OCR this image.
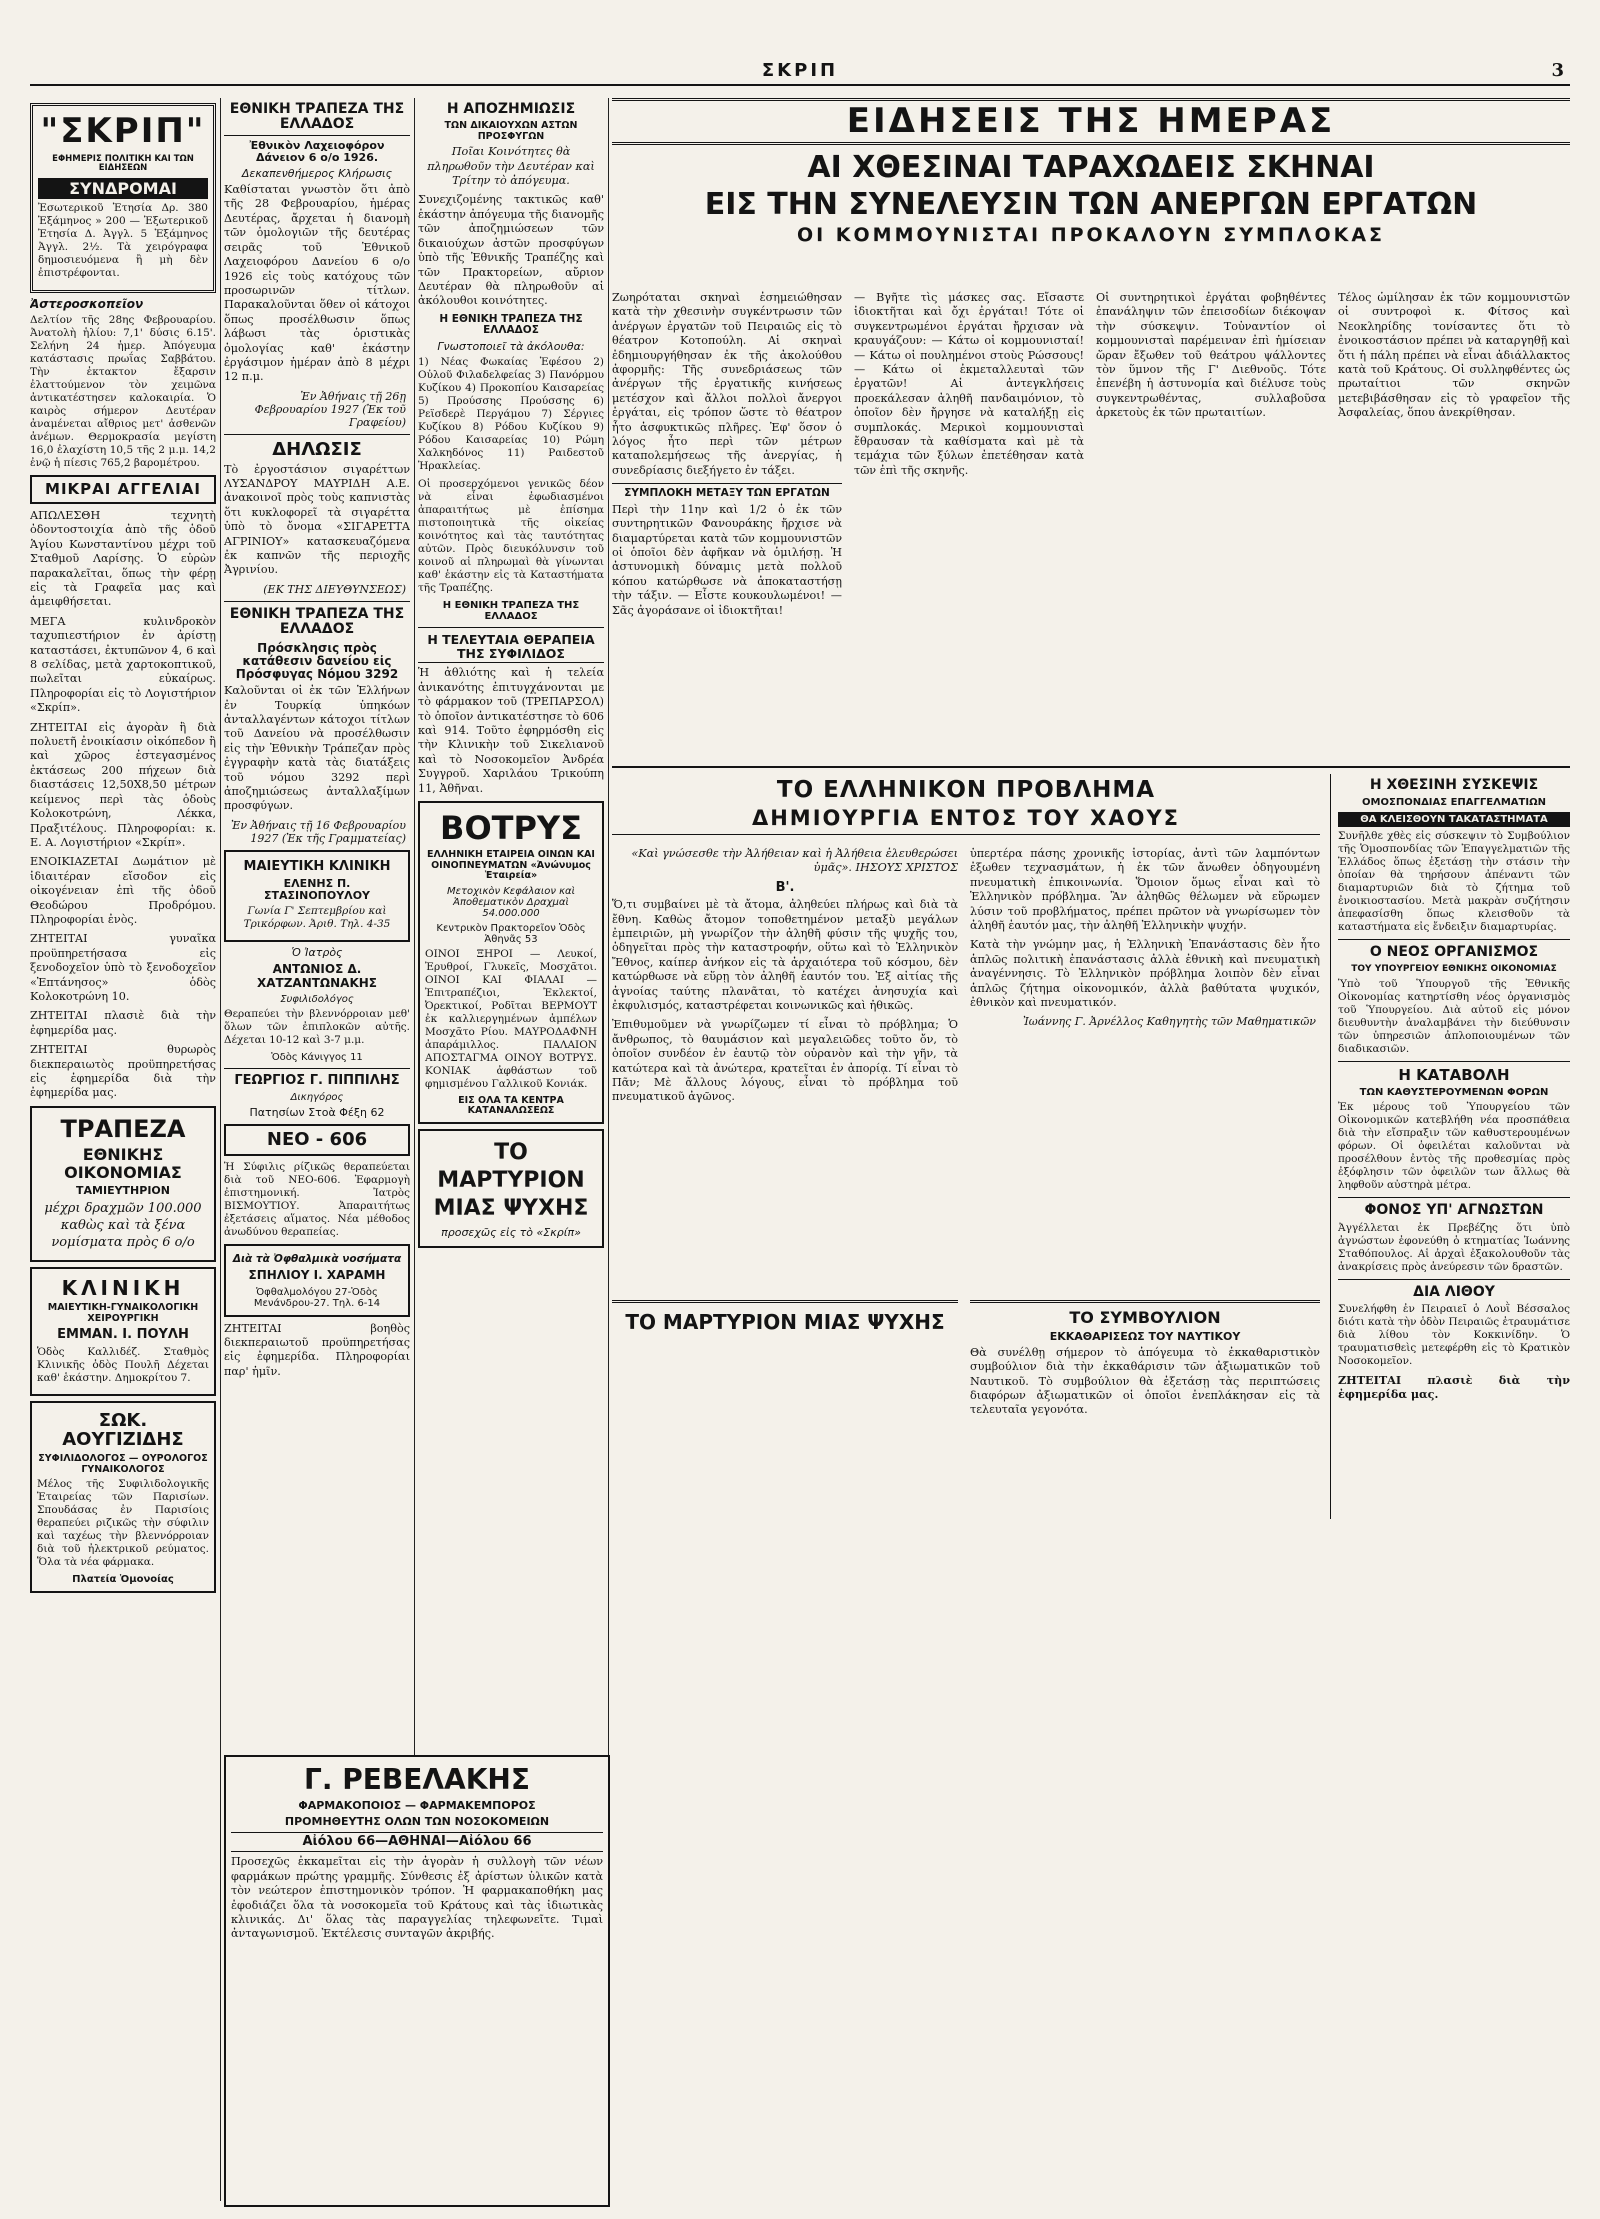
ΣΚΡΙΠ	3
"ΣΚΡΙΠ"
ΕΦΗΜΕΡΙΣ ΠΟΛΙΤΙΚΗ ΚΑΙ ΤΩΝ ΕΙΔΗΣΕΩΝ
ΣΥΝΔΡΟΜΑΙ
Ἐσωτερικοῦ Ἐτησία Δρ. 380 Ἑξάμηνος » 200 — Ἐξωτερικοῦ Ἐτησία Δ. Ἀγγλ. 5 Ἑξάμηνος Ἀγγλ. 2½. Τὰ χειρόγραφα δημοσιευόμενα ἢ μὴ δὲν ἐπιστρέφονται.
Ἀστεροσκοπεῖον
Δελτίον τῆς 28ης Φεβρουαρίου. Ἀνατολὴ ἡλίου: 7,1' δύσις 6.15'. Σελήνη 24 ἡμερ. Ἀπόγευμα κατάστασις πρωΐας Σαββάτου. Τὴν ἐκτακτον ἔξαρσιν ἐλαττούμενον τὸν χειμῶνα ἀντικατέστησεν καλοκαιρία. Ὁ καιρὸς σήμερον Δευτέραν ἀναμένεται αἴθριος μετ' ἀσθενῶν ἀνέμων. Θερμοκρασία μεγίστη 16,0 ἐλαχίστη 10,5 τῆς 2 μ.μ. 14,2 ἐνῷ ἡ πίεσις 765,2 βαρομέτρου.
ΜΙΚΡΑΙ ΑΓΓΕΛΙΑΙ
ΑΠΩΛΕΣΘΗ τεχνητὴ ὀδοντοστοιχία ἀπὸ τῆς ὁδοῦ Ἁγίου Κωνσταντίνου μέχρι τοῦ Σταθμοῦ Λαρίσης. Ὁ εὑρὼν παρακαλεῖται, ὅπως τὴν φέρῃ εἰς τὰ Γραφεῖα μας καὶ ἀμειφθήσεται.
ΜΕΓΑ κυλινδροκὸν ταχυπιεστήριον ἐν ἀρίστῃ καταστάσει, ἐκτυπῶνον 4, 6 καὶ 8 σελίδας, μετὰ χαρτοκοπτικοῦ, πωλεῖται εὐκαίρως. Πληροφορίαι εἰς τὸ Λογιστήριον «Σκρίπ».
ΖΗΤΕΙΤΑΙ εἰς ἀγορὰν ἢ διὰ πολυετῆ ἐνοικίασιν οἰκόπεδον ἢ καὶ χῶρος ἐστεγασμένος ἐκτάσεως 200 πήχεων διὰ διαστάσεις 12,50Χ8,50 μέτρων κείμενος περὶ τὰς ὁδοὺς Κολοκοτρώνη, Λέκκα, Πραξιτέλους. Πληροφορίαι: κ. Ε. Α. Λογιστήριον «Σκρίπ».
ΕΝΟΙΚΙΑΖΕΤΑΙ Δωμάτιον μὲ ἰδιαιτέραν εἴσοδον εἰς οἰκογένειαν ἐπὶ τῆς ὁδοῦ Θεοδώρου Προδρόμου. Πληροφορίαι ἐνὸς.
ΖΗΤΕΙΤΑΙ γυναῖκα προϋπηρετήσασα εἰς ξενοδοχεῖον ὑπὸ τὸ ξενοδοχεῖον «Ἐπτάνησος» ὁδὸς Κολοκοτρώνη 10.
ΖΗΤΕΙΤΑΙ πλασιὲ διὰ τὴν ἐφημερίδα μας.
ΖΗΤΕΙΤΑΙ θυρωρὸς διεκπεραιωτὸς προϋπηρετήσας εἰς ἐφημερίδα διὰ τὴν ἐφημερίδα μας.
ΤΡΑΠΕΖΑ
ΕΘΝΙΚΗΣ ΟΙΚΟΝΟΜΙΑΣ
ΤΑΜΙΕΥΤΗΡΙΟΝ
μέχρι δραχμῶν 100.000 καθὼς καὶ τὰ ξένα νομίσματα πρὸς 6 ο/ο
ΚΛΙΝΙΚΗ
ΜΑΙΕΥΤΙΚΗ-ΓΥΝΑΙΚΟΛΟΓΙΚΗ ΧΕΙΡΟΥΡΓΙΚΗ
ΕΜΜΑΝ. Ι. ΠΟΥΛΗ
Ὁδὸς Καλλιδέζ. Σταθμὸς Κλινικῆς ὁδὸς Πουλῆ Δέχεται καθ' ἑκάστην. Δημοκρίτου 7.
ΣΩΚ. ΑΟΥΓΙΖΙΔΗΣ
ΣΥΦΙΛΙΔΟΛΟΓΟΣ — ΟΥΡΟΛΟΓΟΣ ΓΥΝΑΙΚΟΛΟΓΟΣ
Μέλος τῆς Συφιλιδολογικῆς Ἑταιρείας τῶν Παρισίων. Σπουδάσας ἐν Παρισίοις θεραπεύει ριζικῶς τὴν σύφιλιν καὶ ταχέως τὴν βλεννόρροιαν διὰ τοῦ ἠλεκτρικοῦ ρεύματος. Ὅλα τὰ νέα φάρμακα.
Πλατεία Ὁμονοίας
ΕΘΝΙΚΗ ΤΡΑΠΕΖΑ ΤΗΣ ΕΛΛΑΔΟΣ
Ἐθνικὸν Λαχειοφόρον Δάνειον 6 ο/ο 1926.
Δεκαπενθήμερος Κλήρωσις
Καθίσταται γνωστὸν ὅτι ἀπὸ τῆς 28 Φεβρουαρίου, ἡμέρας Δευτέρας, ἄρχεται ἡ διανομὴ τῶν ὁμολογιῶν τῆς δευτέρας σειρᾶς τοῦ Ἐθνικοῦ Λαχειοφόρου Δανείου 6 ο/ο 1926 εἰς τοὺς κατόχους τῶν προσωρινῶν τίτλων. Παρακαλοῦνται ὅθεν οἱ κάτοχοι ὅπως προσέλθωσιν ὅπως λάβωσι τὰς ὁριστικὰς ὁμολογίας καθ' ἑκάστην ἐργάσιμον ἡμέραν ἀπὸ 8 μέχρι 12 π.μ.
Ἐν Ἀθήναις τῇ 26ῃ Φεβρουαρίου 1927 (Ἐκ τοῦ Γραφείου)
ΔΗΛΩΣΙΣ
Τὸ ἐργοστάσιον σιγαρέττων ΛΥΣΑΝΔΡΟΥ ΜΑΥΡΙΔΗ Α.Ε. ἀνακοινοῖ πρὸς τοὺς καπνιστὰς ὅτι κυκλοφορεῖ τὰ σιγαρέττα ὑπὸ τὸ ὄνομα «ΣΙΓΑΡΕΤΤΑ ΑΓΡΙΝΙΟΥ» κατασκευαζόμενα ἐκ καπνῶν τῆς περιοχῆς Ἀγρινίου.
(ΕΚ ΤΗΣ ΔΙΕΥΘΥΝΣΕΩΣ)
ΕΘΝΙΚΗ ΤΡΑΠΕΖΑ ΤΗΣ ΕΛΛΑΔΟΣ
Πρόσκλησις πρὸς κατάθεσιν δανείου εἰς Πρόσφυγας Νόμου 3292
Καλοῦνται οἱ ἐκ τῶν Ἑλλήνων ἐν Τουρκίᾳ ὑπηκόων ἀνταλλαγέντων κάτοχοι τίτλων τοῦ Δανείου νὰ προσέλθωσιν εἰς τὴν Ἐθνικὴν Τράπεζαν πρὸς ἐγγραφὴν κατὰ τὰς διατάξεις τοῦ νόμου 3292 περὶ ἀποζημιώσεως ἀνταλλαξίμων προσφύγων.
Ἐν Ἀθήναις τῇ 16 Φεβρουαρίου 1927 (Ἐκ τῆς Γραμματείας)
ΜΑΙΕΥΤΙΚΗ ΚΛΙΝΙΚΗ
ΕΛΕΝΗΣ Π. ΣΤΑΣΙΝΟΠΟΥΛΟΥ
Γωνία Γ' Σεπτεμβρίου καὶ Τρικόρφων. Ἀριθ. Τηλ. 4-35
Ὁ Ἰατρὸς
ΑΝΤΩΝΙΟΣ Δ. ΧΑΤΖΑΝΤΩΝΑΚΗΣ
Συφιλιδολόγος
Θεραπεύει τὴν βλεννόρροιαν μεθ' ὅλων τῶν ἐπιπλοκῶν αὐτῆς. Δέχεται 10-12 καὶ 3-7 μ.μ.
Ὁδὸς Κάνιγγος 11
ΓΕΩΡΓΙΟΣ Γ. ΠΙΠΠΙΛΗΣ
Δικηγόρος
Πατησίων Στοὰ Φέξη 62
ΝΕΟ - 606
Ἡ Σύφιλις ρίζικῶς θεραπεύεται διὰ τοῦ ΝΕΟ-606. Ἐφαρμογὴ ἐπιστημονική. Ἰατρὸς ΒΙΣΜΟΥΤΙΟΥ. Ἀπαραιτήτως ἐξετάσεις αἵματος. Νέα μέθοδος ἀνωδύνου θεραπείας.
Διὰ τὰ Ὀφθαλμικὰ νοσήματα
ΣΠΗΛΙΟΥ Ι. ΧΑΡΑΜΗ
Ὀφθαλμολόγου 27-Ὁδὸς Μενάνδρου-27. Τηλ. 6-14
ΖΗΤΕΙΤΑΙ βοηθὸς διεκπεραιωτοῦ προϋπηρετήσας εἰς ἐφημερίδα. Πληροφορίαι παρ' ἡμῖν.
Η ΑΠΟΖΗΜΙΩΣΙΣ
ΤΩΝ ΔΙΚΑΙΟΥΧΩΝ ΑΣΤΩΝ ΠΡΟΣΦΥΓΩΝ
Ποῖαι Κοινότητες θὰ πληρωθοῦν τὴν Δευτέραν καὶ Τρίτην τὸ ἀπόγευμα.
Συνεχιζομένης τακτικῶς καθ' ἑκάστην ἀπόγευμα τῆς διανομῆς τῶν ἀποζημιώσεων τῶν δικαιούχων ἀστῶν προσφύγων ὑπὸ τῆς Ἐθνικῆς Τραπέζης καὶ τῶν Πρακτορείων, αὔριον Δευτέραν θὰ πληρωθοῦν αἱ ἀκόλουθοι κοινότητες.
Η ΕΘΝΙΚΗ ΤΡΑΠΕΖΑ ΤΗΣ ΕΛΛΑΔΟΣ
Γνωστοποιεῖ τὰ ἀκόλουθα:
1) Νέας Φωκαίας Ἐφέσου 2) Οὐλοῦ Φιλαδελφείας 3) Πανόρμου Κυζίκου 4) Προκοπίου Καισαρείας 5) Προύσσης Προύσσης 6) Ρεϊσδερὲ Περγάμου 7) Σέργιες Κυζίκου 8) Ρόδου Κυζίκου 9) Ρόδου Καισαρείας 10) Ρώμη Χαλκηδόνος 11) Ραιδεστοῦ Ἡρακλείας.
Οἱ προσερχόμενοι γενικῶς δέον νὰ εἶναι ἐφωδιασμένοι ἀπαραιτήτως μὲ ἐπίσημα πιστοποιητικὰ τῆς οἰκείας κοινότητος καὶ τὰς ταυτότητας αὐτῶν. Πρὸς διευκόλυνσιν τοῦ κοινοῦ αἱ πληρωμαὶ θὰ γίνωνται καθ' ἑκάστην εἰς τὰ Καταστήματα τῆς Τραπέζης.
Η ΕΘΝΙΚΗ ΤΡΑΠΕΖΑ ΤΗΣ ΕΛΛΑΔΟΣ
Η ΤΕΛΕΥΤΑΙΑ ΘΕΡΑΠΕΙΑ ΤΗΣ ΣΥΦΙΛΙΔΟΣ
Ἡ ἀθλιότης καὶ ἡ τελεία ἀνικανότης ἐπιτυγχάνονται με τὸ φάρμακον τοῦ (ΤΡΕΠΑΡΣΟΛ) τὸ ὁποῖον ἀντικατέστησε τὸ 606 καὶ 914. Τοῦτο ἐφηρμόσθη εἰς τὴν Κλινικὴν τοῦ Σικελιανοῦ καὶ τὸ Νοσοκομεῖον Ἀνδρέα Συγγροῦ. Χαριλάου Τρικούπη 11, Ἀθῆναι.
ΒΟΤΡΥΣ
ΕΛΛΗΝΙΚΗ ΕΤΑΙΡΕΙΑ ΟΙΝΩΝ ΚΑΙ ΟΙΝΟΠΝΕΥΜΑΤΩΝ «Ἀνώνυμος Ἑταιρεία»
Μετοχικὸν Κεφάλαιον καὶ Ἀποθεματικὸν Δραχμαὶ 54.000.000
Κεντρικὸν Πρακτορεῖον Ὁδὸς Ἀθηνᾶς 53
ΟΙΝΟΙ ΞΗΡΟΙ — Λευκοί, Ἐρυθροί, Γλυκεῖς, Μοσχᾶτοι. ΟΙΝΟΙ ΚΑΙ ΦΙΑΛΑΙ — Ἐπιτραπέζιοι, Ἐκλεκτοί, Ὀρεκτικοί, Ροδῖται ΒΕΡΜΟΥΤ ἐκ καλλιεργημένων ἀμπέλων Μοσχᾶτο Ρίου. ΜΑΥΡΟΔΑΦΝΗ ἀπαράμιλλος. ΠΑΛΑΙΟΝ ΑΠΟΣΤΑΓΜΑ ΟΙΝΟΥ ΒΟΤΡΥΣ. ΚΟΝΙΑΚ ἀφθάστων τοῦ φημισμένου Γαλλικοῦ Κονιάκ.
ΕΙΣ ΟΛΑ ΤΑ ΚΕΝΤΡΑ ΚΑΤΑΝΑΛΩΣΕΩΣ
ΤΟ ΜΑΡΤΥΡΙΟΝ ΜΙΑΣ ΨΥΧΗΣ
προσεχῶς εἰς τὸ «Σκρίπ»
ΕΙΔΗΣΕΙΣ ΤΗΣ ΗΜΕΡΑΣ
ΑΙ ΧΘΕΣΙΝΑΙ ΤΑΡΑΧΩΔΕΙΣ ΣΚΗΝΑΙ
ΕΙΣ ΤΗΝ ΣΥΝΕΛΕΥΣΙΝ ΤΩΝ ΑΝΕΡΓΩΝ ΕΡΓΑΤΩΝ
ΟΙ ΚΟΜΜΟΥΝΙΣΤΑΙ ΠΡΟΚΑΛΟΥΝ ΣΥΜΠΛΟΚΑΣ
Ζωηρόταται σκηναὶ ἐσημειώθησαν κατὰ τὴν χθεσινὴν συγκέντρωσιν τῶν ἀνέργων ἐργατῶν τοῦ Πειραιῶς εἰς τὸ θέατρον Κοτοπούλη. Αἱ σκηναὶ ἐδημιουργήθησαν ἐκ τῆς ἀκολούθου ἀφορμῆς: Τῆς συνεδριάσεως τῶν ἀνέργων τῆς ἐργατικῆς κινήσεως μετέσχον καὶ ἄλλοι πολλοὶ ἄνεργοι ἐργάται, εἰς τρόπον ὥστε τὸ θέατρον ἦτο ἀσφυκτικῶς πλῆρες. Ἐφ' ὅσον ὁ λόγος ἦτο περὶ τῶν μέτρων καταπολεμήσεως τῆς ἀνεργίας, ἡ συνεδρίασις διεξήγετο ἐν τάξει.
ΣΥΜΠΛΟΚΗ ΜΕΤΑΞΥ ΤΩΝ ΕΡΓΑΤΩΝ
Περὶ τὴν 11ην καὶ 1/2 ὁ ἐκ τῶν συντηρητικῶν Φανουράκης ἤρχισε νὰ διαμαρτύρεται κατὰ τῶν κομμουνιστῶν οἱ ὁποῖοι δὲν ἀφῆκαν νὰ ὁμιλήσῃ. Ἡ ἀστυνομικὴ δύναμις μετὰ πολλοῦ κόπου κατώρθωσε νὰ ἀποκαταστήσῃ τὴν τάξιν. — Εἶστε κουκουλωμένοι! — Σᾶς ἀγοράσανε οἱ ἰδιοκτῆται!
— Βγῆτε τὶς μάσκες σας. Εἴσαστε ἰδιοκτῆται καὶ ὄχι ἐργάται! Τότε οἱ συγκεντρωμένοι ἐργάται ἤρχισαν νὰ κραυγάζουν: — Κάτω οἱ κομμουνισταί! — Κάτω οἱ πουλημένοι στοὺς Ρώσσους! — Κάτω οἱ ἐκμεταλλευταὶ τῶν ἐργατῶν! Αἱ ἀντεγκλήσεις προεκάλεσαν ἀληθῆ πανδαιμόνιον, τὸ ὁποῖον δὲν ἤργησε νὰ καταλήξῃ εἰς συμπλοκάς. Μερικοὶ κομμουνισταὶ ἔθραυσαν τὰ καθίσματα καὶ μὲ τὰ τεμάχια τῶν ξύλων ἐπετέθησαν κατὰ τῶν ἐπὶ τῆς σκηνῆς.
Οἱ συντηρητικοὶ ἐργάται φοβηθέντες ἐπανάληψιν τῶν ἐπεισοδίων διέκοψαν τὴν σύσκεψιν. Τοὐναντίον οἱ κομμουνισταὶ παρέμειναν ἐπὶ ἡμίσειαν ὥραν ἔξωθεν τοῦ θεάτρου ψάλλοντες τὸν ὕμνον τῆς Γ' Διεθνοῦς. Τότε ἐπενέβη ἡ ἀστυνομία καὶ διέλυσε τοὺς συγκεντρωθέντας, συλλαβοῦσα ἀρκετοὺς ἐκ τῶν πρωταιτίων.
Τέλος ὡμίλησαν ἐκ τῶν κομμουνιστῶν οἱ συντροφοὶ κ. Φίτσος καὶ Νεοκληρίδης τονίσαντες ὅτι τὸ ἐνοικοστάσιον πρέπει νὰ καταργηθῇ καὶ ὅτι ἡ πάλη πρέπει νὰ εἶναι ἀδιάλλακτος κατὰ τοῦ Κράτους. Οἱ συλληφθέντες ὡς πρωταίτιοι τῶν σκηνῶν μετεβιβάσθησαν εἰς τὸ γραφεῖον τῆς Ἀσφαλείας, ὅπου ἀνεκρίθησαν.
ΤΟ ΕΛΛΗΝΙΚΟΝ ΠΡΟΒΛΗΜΑ
ΔΗΜΙΟΥΡΓΙΑ ΕΝΤΟΣ ΤΟΥ ΧΑΟΥΣ
«Καὶ γνώσεσθε τὴν Ἀλήθειαν καὶ ἡ Ἀλήθεια ἐλευθερώσει ὑμᾶς». ΙΗΣΟΥΣ ΧΡΙΣΤΟΣ
Β'.
Ὅ,τι συμβαίνει μὲ τὰ ἄτομα, ἀληθεύει πλήρως καὶ διὰ τὰ ἔθνη. Καθὼς ἄτομον τοποθετημένον μεταξὺ μεγάλων ἐμπειριῶν, μὴ γνωρίζον τὴν ἀληθῆ φύσιν τῆς ψυχῆς του, ὁδηγεῖται πρὸς τὴν καταστροφήν, οὕτω καὶ τὸ Ἑλληνικὸν Ἔθνος, καίπερ ἀνήκον εἰς τὰ ἀρχαιότερα τοῦ κόσμου, δὲν κατώρθωσε νὰ εὕρῃ τὸν ἀληθῆ ἑαυτόν του. Ἐξ αἰτίας τῆς ἀγνοίας ταύτης πλανᾶται, τὸ κατέχει ἀνησυχία καὶ ἐκφυλισμός, καταστρέφεται κοινωνικῶς καὶ ἠθικῶς.
Ἐπιθυμοῦμεν νὰ γνωρίζωμεν τί εἶναι τὸ πρόβλημα; Ὁ ἄνθρωπος, τὸ θαυμάσιον καὶ μεγαλειῶδες τοῦτο ὄν, τὸ ὁποῖον συνδέον ἐν ἑαυτῷ τὸν οὐρανὸν καὶ τὴν γῆν, τὰ κατώτερα καὶ τὰ ἀνώτερα, κρατεῖται ἐν ἀπορίᾳ. Τί εἶναι τὸ Πᾶν; Μὲ ἄλλους λόγους, εἶναι τὸ πρόβλημα τοῦ πνευματικοῦ ἀγῶνος.
ὑπερτέρα πάσης χρονικῆς ἱστορίας, ἀντὶ τῶν λαμπόντων ἐξωθεν τεχνασμάτων, ἡ ἐκ τῶν ἄνωθεν ὁδηγουμένη πνευματικὴ ἐπικοινωνία. Ὅμοιον ὅμως εἶναι καὶ τὸ Ἑλληνικὸν πρόβλημα. Ἂν ἀληθῶς θέλωμεν νὰ εὕρωμεν λύσιν τοῦ προβλήματος, πρέπει πρῶτον νὰ γνωρίσωμεν τὸν ἀληθῆ ἑαυτόν μας, τὴν ἀληθῆ Ἑλληνικὴν ψυχήν.
Κατὰ τὴν γνώμην μας, ἡ Ἑλληνικὴ Ἐπανάστασις δὲν ἦτο ἁπλῶς πολιτικὴ ἐπανάστασις ἀλλὰ ἐθνικὴ καὶ πνευματικὴ ἀναγέννησις. Τὸ Ἑλληνικὸν πρόβλημα λοιπὸν δὲν εἶναι ἁπλῶς ζήτημα οἰκονομικόν, ἀλλὰ βαθύτατα ψυχικόν, ἐθνικὸν καὶ πνευματικόν.
Ἰωάννης Γ. Ἀρνέλλος Καθηγητὴς τῶν Μαθηματικῶν
ΤΟ ΜΑΡΤΥΡΙΟΝ ΜΙΑΣ ΨΥΧΗΣ	ΤΟ ΣΥΜΒΟΥΛΙΟΝ
ΕΚΚΑΘΑΡΙΣΕΩΣ ΤΟΥ ΝΑΥΤΙΚΟΥ
Θὰ συνέλθῃ σήμερον τὸ ἀπόγευμα τὸ ἐκκαθαριστικὸν συμβούλιον διὰ τὴν ἐκκαθάρισιν τῶν ἀξιωματικῶν τοῦ Ναυτικοῦ. Τὸ συμβούλιον θὰ ἐξετάσῃ τὰς περιπτώσεις διαφόρων ἀξιωματικῶν οἱ ὁποῖοι ἐνεπλάκησαν εἰς τὰ τελευταῖα γεγονότα.
Η ΧΘΕΣΙΝΗ ΣΥΣΚΕΨΙΣ
ΟΜΟΣΠΟΝΔΙΑΣ ΕΠΑΓΓΕΛΜΑΤΙΩΝ
ΘΑ ΚΛΕΙΣΘΟΥΝ ΤΑΚΑΤΑΣΤΗΜΑΤΑ
Συνῆλθε χθὲς εἰς σύσκεψιν τὸ Συμβούλιον τῆς Ὁμοσπονδίας τῶν Ἐπαγγελματιῶν τῆς Ἑλλάδος ὅπως ἐξετάσῃ τὴν στάσιν τὴν ὁποίαν θὰ τηρήσουν ἀπέναντι τῶν διαμαρτυριῶν διὰ τὸ ζήτημα τοῦ ἐνοικιοστασίου. Μετὰ μακρὰν συζήτησιν ἀπεφασίσθη ὅπως κλεισθοῦν τὰ καταστήματα εἰς ἔνδειξιν διαμαρτυρίας.
Ο ΝΕΟΣ ΟΡΓΑΝΙΣΜΟΣ
ΤΟΥ ΥΠΟΥΡΓΕΙΟΥ ΕΘΝΙΚΗΣ ΟΙΚΟΝΟΜΙΑΣ
Ὑπὸ τοῦ Ὑπουργοῦ τῆς Ἐθνικῆς Οἰκονομίας κατηρτίσθη νέος ὀργανισμὸς τοῦ Ὑπουργείου. Διὰ αὐτοῦ εἰς μόνον διευθυντὴν ἀναλαμβάνει τὴν διεύθυνσιν τῶν ὑπηρεσιῶν ἀπλοποιουμένων τῶν διαδικασιῶν.
Η ΚΑΤΑΒΟΛΗ
ΤΩΝ ΚΑΘΥΣΤΕΡΟΥΜΕΝΩΝ ΦΟΡΩΝ
Ἐκ μέρους τοῦ Ὑπουργείου τῶν Οἰκονομικῶν κατεβλήθη νέα προσπάθεια διὰ τὴν εἴσπραξιν τῶν καθυστερουμένων φόρων. Οἱ ὀφειλέται καλοῦνται νὰ προσέλθουν ἐντὸς τῆς προθεσμίας πρὸς ἐξόφλησιν τῶν ὀφειλῶν των ἄλλως θὰ ληφθοῦν αὐστηρὰ μέτρα.
ΦΟΝΟΣ ΥΠ' ΑΓΝΩΣΤΩΝ
Ἀγγέλλεται ἐκ Πρεβέζης ὅτι ὑπὸ ἀγνώστων ἐφονεύθη ὁ κτηματίας Ἰωάννης Σταθόπουλος. Αἱ ἀρχαὶ ἐξακολουθοῦν τὰς ἀνακρίσεις πρὸς ἀνεύρεσιν τῶν δραστῶν.
ΔΙΑ ΛΙΘΟΥ
Συνελήφθη ἐν Πειραιεῖ ὁ Λουῒ Βέσσαλος διότι κατὰ τὴν ὁδὸν Πειραιῶς ἐτραυμάτισε διὰ λίθου τὸν Κοκκινίδην. Ὁ τραυματισθεὶς μετεφέρθη εἰς τὸ Κρατικὸν Νοσοκομεῖον.
ΖΗΤΕΙΤΑΙ πλασιὲ διὰ τὴν ἐφημερίδα μας.
Γ. ΡΕΒΕΛΑΚΗΣ
ΦΑΡΜΑΚΟΠΟΙΟΣ — ΦΑΡΜΑΚΕΜΠΟΡΟΣ
ΠΡΟΜΗΘΕΥΤΗΣ ΟΛΩΝ ΤΩΝ ΝΟΣΟΚΟΜΕΙΩΝ
Αἰόλου 66—ΑΘΗΝΑΙ—Αἰόλου 66
Προσεχῶς ἐκκαμεῖται εἰς τὴν ἀγορὰν ἡ συλλογὴ τῶν νέων φαρμάκων πρώτης γραμμῆς. Σύνθεσις ἐξ ἀρίστων ὑλικῶν κατὰ τὸν νεώτερον ἐπιστημονικὸν τρόπον. Ἡ φαρμακαποθήκη μας ἐφοδιάζει ὅλα τὰ νοσοκομεῖα τοῦ Κράτους καὶ τὰς ἰδιωτικὰς κλινικάς. Δι' ὅλας τὰς παραγγελίας τηλεφωνεῖτε. Τιμαὶ ἀνταγωνισμοῦ. Ἐκτέλεσις συνταγῶν ἀκριβής.
